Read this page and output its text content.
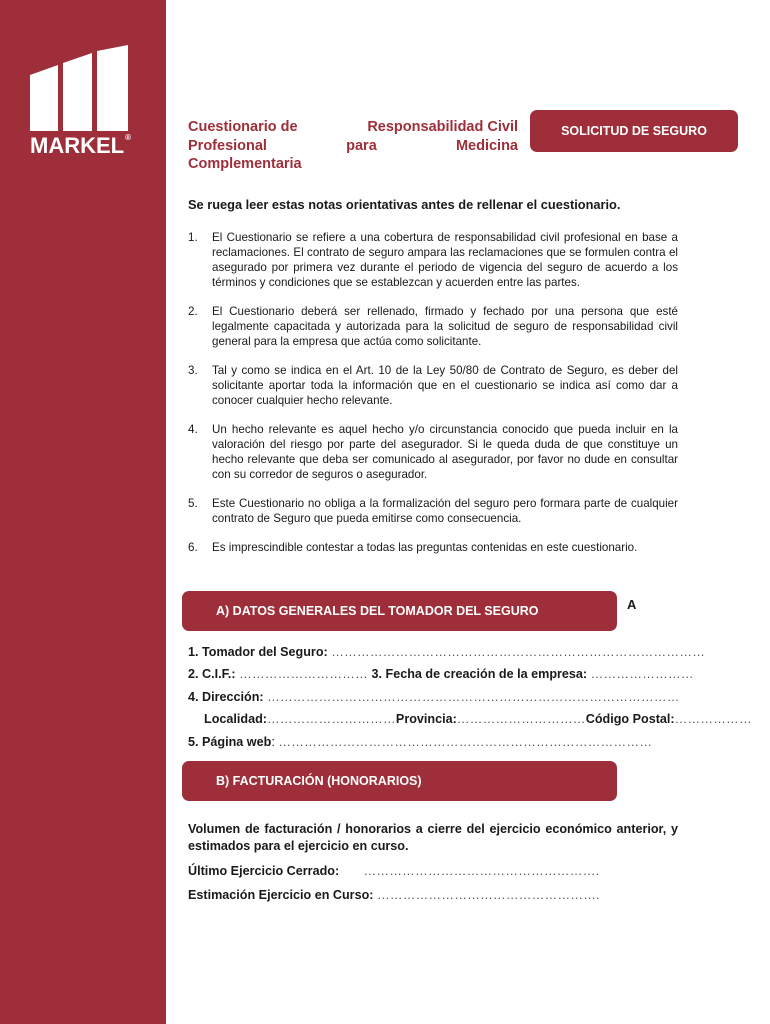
MARKEL®
Cuestionario de	Responsabilidad Civil
Profesional	para	Medicina
Complementaria
SOLICITUD DE SEGURO
Se ruega leer estas notas orientativas antes de rellenar el cuestionario.
1.	El Cuestionario se refiere a una cobertura de responsabilidad civil profesional en base a reclamaciones. El contrato de seguro ampara las reclamaciones que se formulen contra el asegurado por primera vez durante el periodo de vigencia del seguro de acuerdo a los términos y condiciones que se establezcan y acuerden entre las partes.
2.	El Cuestionario deberá ser rellenado, firmado y fechado por una persona que esté legalmente capacitada y autorizada para la solicitud de seguro de responsabilidad civil general para la empresa que actúa como solicitante.
3.	Tal y como se indica en el Art. 10 de la Ley 50/80 de Contrato de Seguro, es deber del solicitante aportar toda la información que en el cuestionario se indica así como dar a conocer cualquier hecho relevante.
4.	Un hecho relevante es aquel hecho y/o circunstancia conocido que pueda incluir en la valoración del riesgo por parte del asegurador. Si le queda duda de que constituye un hecho relevante que deba ser comunicado al asegurador, por favor no dude en consultar con su corredor de seguros o asegurador.
5.	Este Cuestionario no obliga a la formalización del seguro pero formara parte de cualquier contrato de Seguro que pueda emitirse como consecuencia.
6.	Es imprescindible contestar a todas las preguntas contenidas en este cuestionario.
A) DATOS GENERALES DEL TOMADOR DEL SEGURO	A
1. Tomador del Seguro: ……………………………………………………………………………
2. C.I.F.: ………………………… 3. Fecha de creación de la empresa: ……………………
4. Dirección: ……………………………………………………………………………………
Localidad:…………………………Provincia:…………………………Código Postal:………………
5. Página web: ……………………………………………………………………………
B) FACTURACIÓN (HONORARIOS)
Volumen de facturación / honorarios a cierre del ejercicio económico anterior, y estimados para el ejercicio en curso.
Último Ejercicio Cerrado: ……………………………………………….
Estimación Ejercicio en Curso: …………………………………………….
